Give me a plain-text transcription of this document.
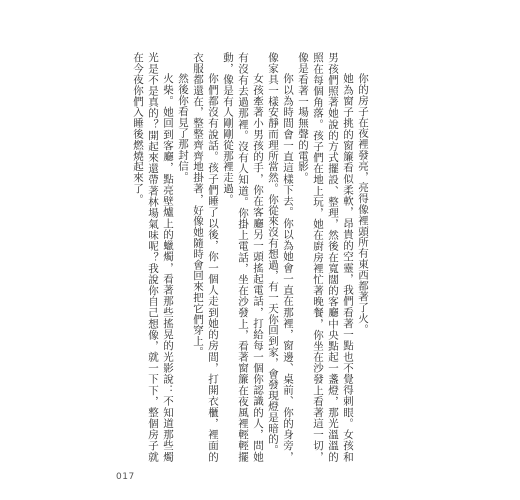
你的房子在夜裡發亮，亮得像裡頭所有東西都著了火。

她為窗子挑的窗簾看似柔軟，昂貴的空靈，我們看著一點也不覺得刺眼。女孩和男孩們照著她說的方式擺設、整理，然後在寬闊的客廳中央點起一盞燈，那光溫溫的照在每個角落。孩子們在地上玩，她在廚房裡忙著晚餐，你坐在沙發上看著這一切，像是看著一場無聲的電影。

你以為時間會一直這樣下去。你以為她會一直在那裡，窗邊、桌前、你的身旁，像家具一樣安靜而理所當然。你從來沒有想過，有一天你回到家，會發現燈是暗的。

女孩牽著小男孩的手，你在客廳另一頭搖起電話，打給每一個你認識的人，問她有沒有去過那裡。沒有人知道。你掛上電話，坐在沙發上，看著窗簾在夜風裡輕輕擺動，像是有人剛剛從那裡走過。

你們都沒有說話。孩子們睡了以後，你一個人走到她的房間，打開衣櫃，裡面的衣服都還在，整整齊齊地掛著，好像她隨時會回來把它們穿上。

然後你看見了那封信。

火柴。她回到客廳，點亮壁爐上的蠟燭，看著那些搖晃的光影說：不知道那些燭光是不是真的？開起來還帶著林場氣味呢？我說你自己想像，就一下下，整個房子就在今夜你們入睡後燃燒起來了。

017
